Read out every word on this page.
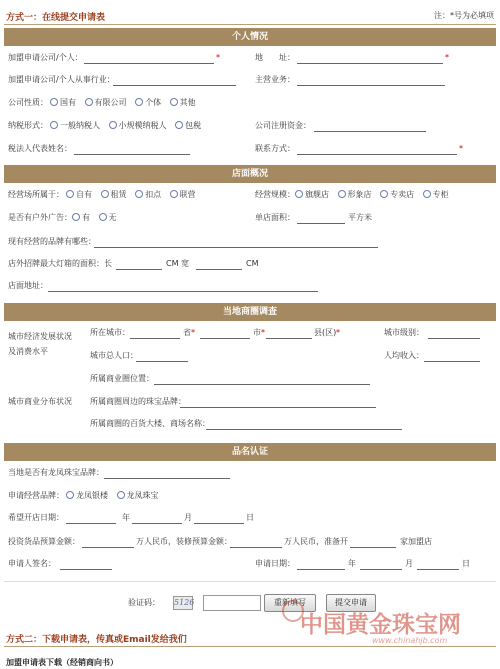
方式一：在线提交申请表	注：*号为必填项
个人情况
加盟申请公司/个人：	*	地　　址：	*
加盟申请公司/个人从事行业：	主营业务：
公司性质：	国有 有限公司 个体 其他
纳税形式：	一般纳税人 小规模纳税人 包税	公司注册资金：
税法人代表姓名：	联系方式：	*
店面概况
经营场所属于：	自有 租赁 扣点 联营	经营规模：	旗舰店 形象店 专卖店 专柜
是否有户外广告：	有 无	单店面积：	平方米
现有经营的品牌有哪些：
店外招牌最大灯箱的面积：长	CM 宽	CM
店面地址：
当地商圈调查
城市经济发展状况
及消费水平
所在城市：	省 *	市 *	县(区) *	城市级别：
城市总人口：	人均收入：
所属商业圈位置：
城市商业分布状况 所属商圈周边的珠宝品牌：
所属商圈的百货大楼、商场名称：
品名认证
当地是否有龙凤珠宝品牌：
申请经营品牌：	龙凤银楼 龙凤珠宝
希望开店日期：	年	月	日
投资货品预算金额：	万人民币，装修预算金额：	万人民币，准备开	家加盟店
申请人签名：	申请日期：	年	月	日
验证码： 5126	重新填写	提交申请
中国黄金珠宝网
www.chinahjb.com
方式二：下载申请表，传真或Email发给我们
加盟申请表下载（经销商向书）
